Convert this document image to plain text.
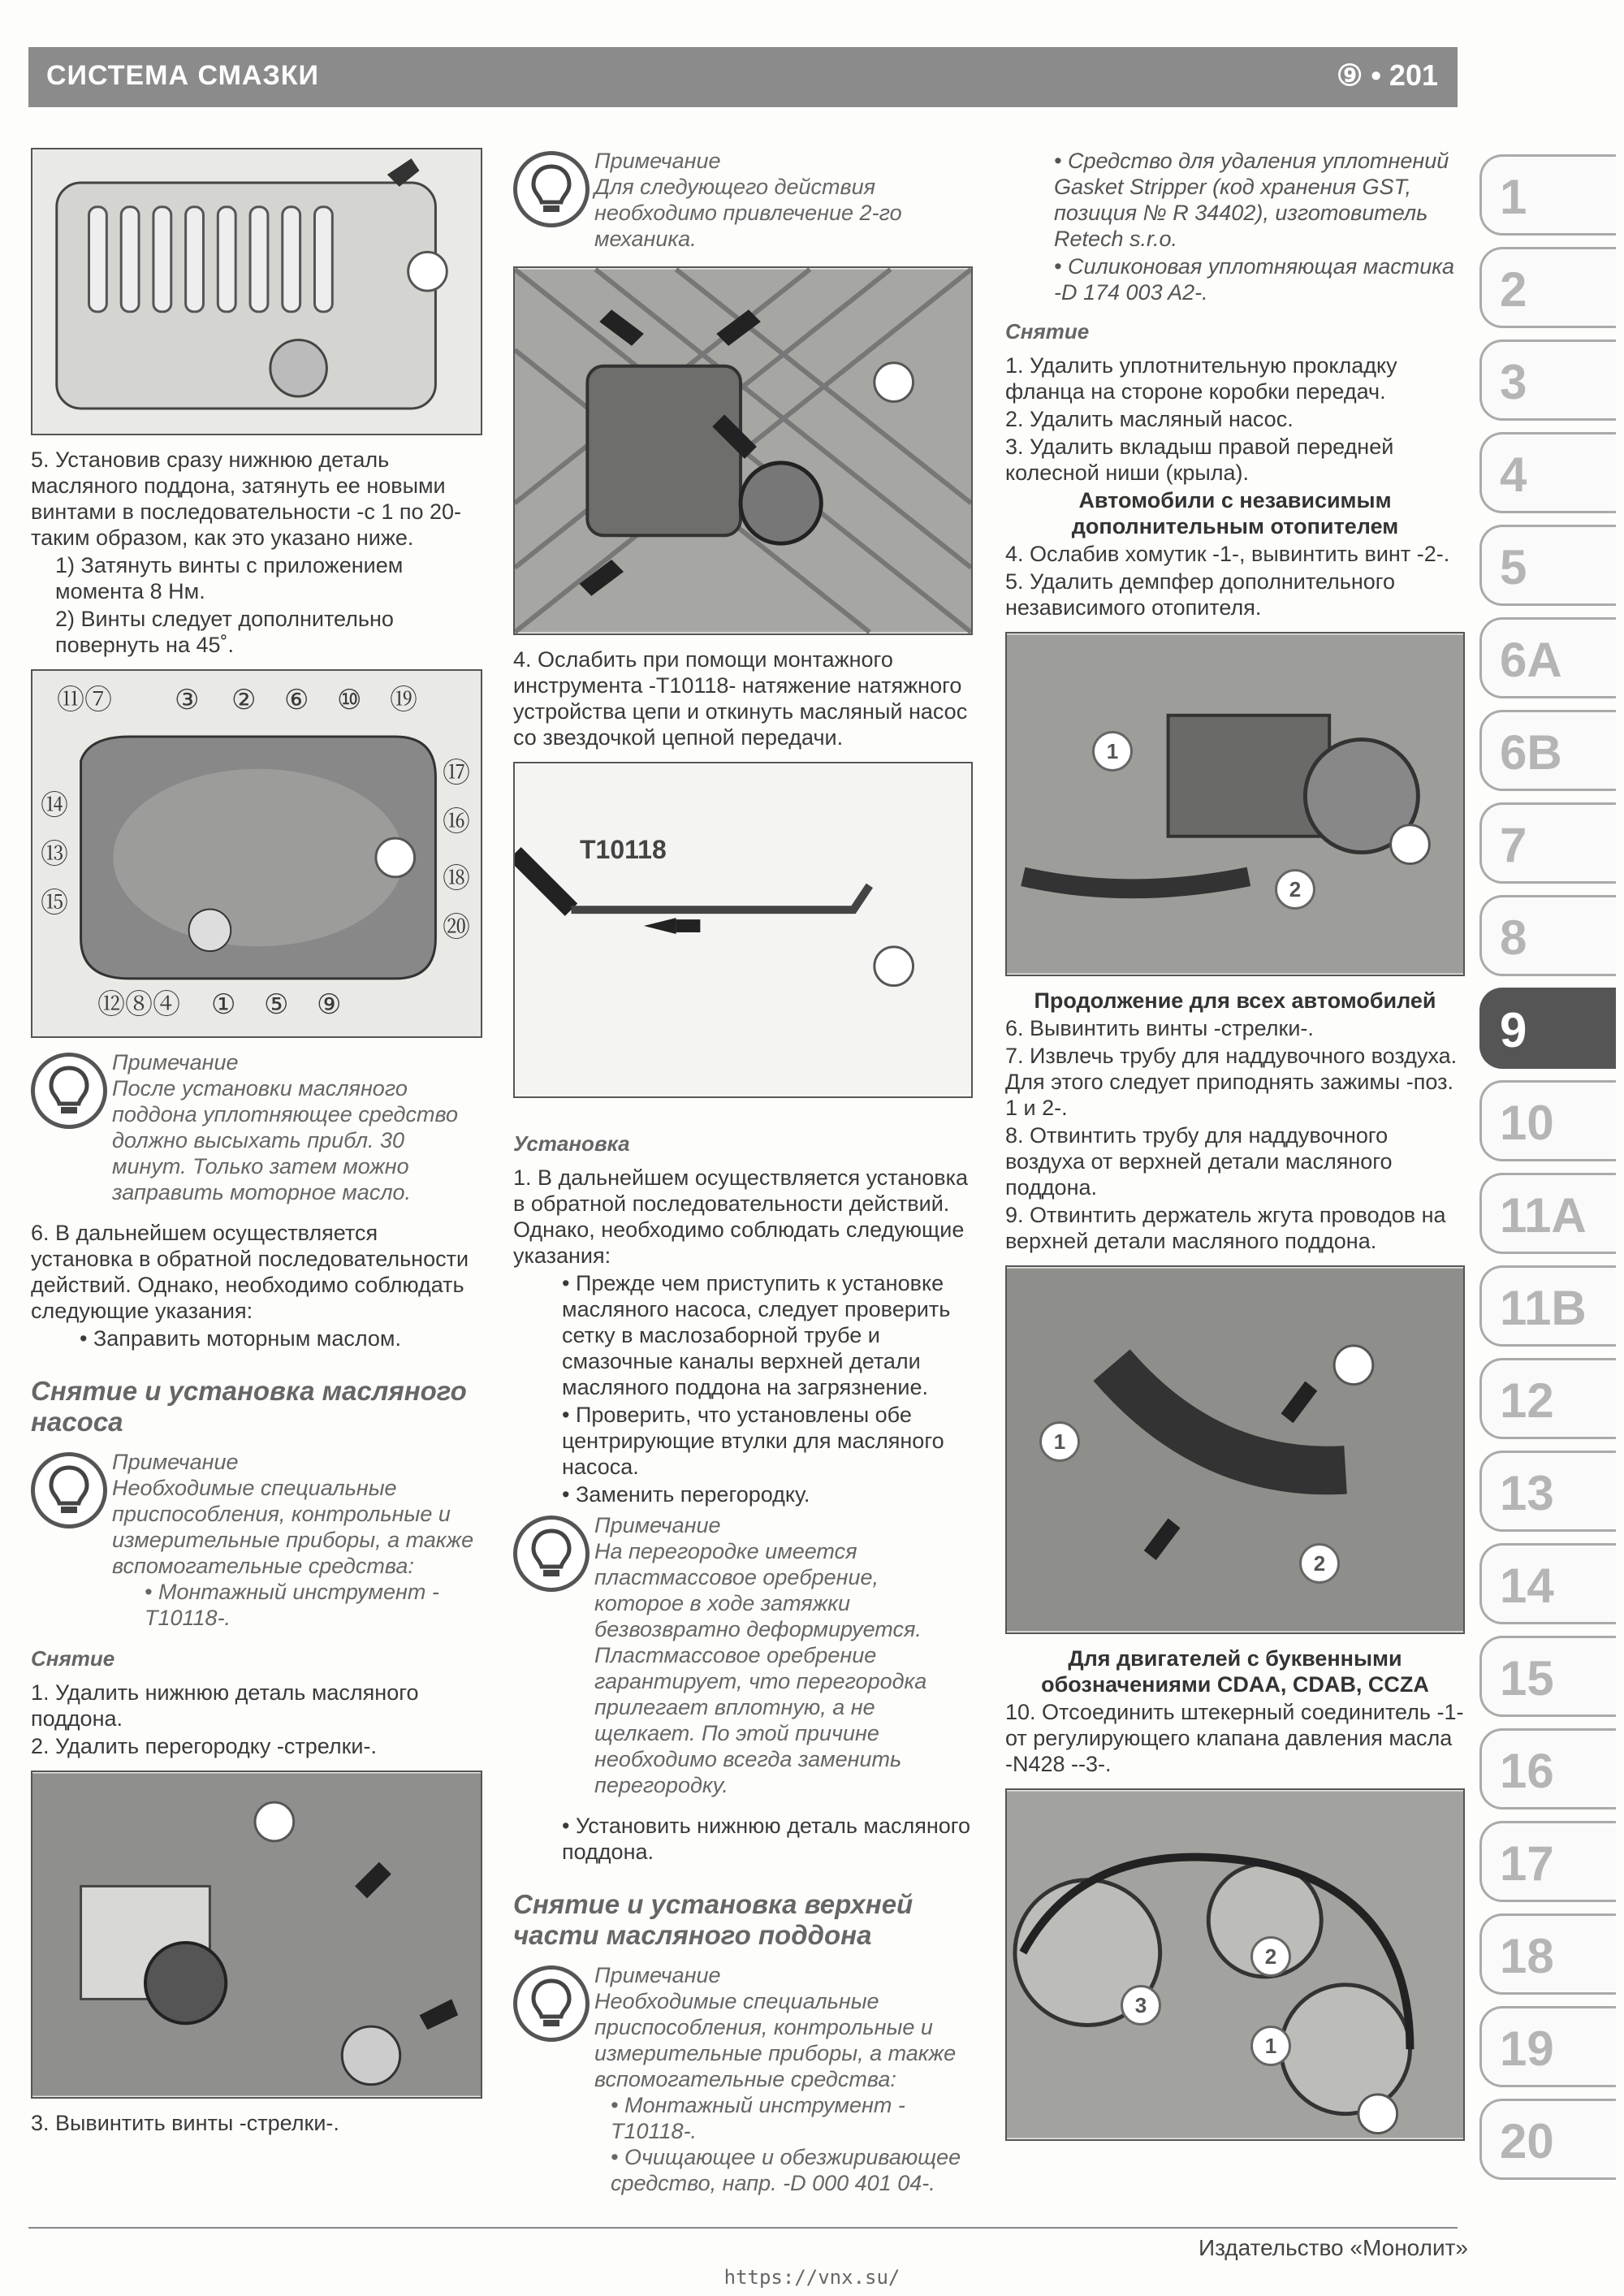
СИСТЕМА СМАЗКИ	⑨ • 201

5. Установив сразу нижнюю деталь масляного поддона, затянуть ее новыми винтами в последовательности -с 1 по 20- таким образом, как это указано ниже.

1) Затянуть винты с приложением момента 8 Нм.

2) Винты следует дополнительно повернуть на 45˚.

⑪⑦ ③ ② ⑥ ⑩ ⑲
⑭
⑬
⑮
⑰
⑯
⑱
⑳
⑫⑧④ ① ⑤ ⑨
Примечание
После установки масляного поддона уплотняющее средство должно высыхать прибл. 30 минут. Только затем можно заправить моторное масло.

6. В дальнейшем осуществляется установка в обратной последовательности действий. Однако, необходимо соблюдать следующие указания:

• Заправить моторным маслом.

Снятие и установка масляного насоса
Примечание
Необходимые специальные приспособления, контрольные и измерительные приборы, а также вспомогательные средства:
• Монтажный инструмент -T10118-.
Снятие

1. Удалить нижнюю деталь масляного поддона.

2. Удалить перегородку -стрелки-.

3. Вывинтить винты -стрелки-.

Примечание
Для следующего действия необходимо привлечение 2-го механика.

4. Ослабить при помощи монтажного инструмента -T10118- натяжение натяжного устройства цепи и откинуть масляный насос со звездочкой цепной передачи.

T10118
Установка

1. В дальнейшем осуществляется установка в обратной последовательности действий. Однако, необходимо соблюдать следующие указания:

• Прежде чем приступить к установке масляного насоса, следует проверить сетку в маслозаборной трубе и смазочные каналы верхней детали масляного поддона на загрязнение.

• Проверить, что установлены обе центрирующие втулки для масляного насоса.

• Заменить перегородку.

Примечание
На перегородке имеется пластмассовое оребрение, которое в ходе затяжки безвозвратно деформируется. Пластмассовое оребрение гарантирует, что перегородка прилегает вплотную, а не щелкает. По этой причине необходимо всегда заменить перегородку.

• Установить нижнюю деталь масляного поддона.

Снятие и установка верхней части масляного поддона
Примечание
Необходимые специальные приспособления, контрольные и измерительные приборы, а также вспомогательные средства:
• Монтажный инструмент -T10118-.
• Очищающее и обезжиривающее средство, напр. -D 000 401 04-.

• Средство для удаления уплотнений Gasket Stripper (код хранения GST, позиция № R 34402), изготовитель Retech s.r.o.

• Силиконовая уплотняющая мастика -D 174 003 A2-.

Снятие

1. Удалить уплотнительную прокладку фланца на стороне коробки передач.

2. Удалить масляный насос.

3. Удалить вкладыш правой передней колесной ниши (крыла).

Автомобили с независимым дополнительным отопителем

4. Ослабив хомутик -1-, вывинтить винт -2-.

5. Удалить демпфер дополнительного независимого отопителя.

1
2

Продолжение для всех автомобилей

6. Вывинтить винты -стрелки-.

7. Извлечь трубу для наддувочного воздуха. Для этого следует приподнять зажимы -поз. 1 и 2-.

8. Отвинтить трубу для наддувочного воздуха от верхней детали масляного поддона.

9. Отвинтить держатель жгута проводов на верхней детали масляного поддона.

1
2

Для двигателей с буквенными обозначениями CDAA, CDAB, CCZA

10. Отсоединить штекерный соединитель -1- от регулирующего клапана давления масла -N428 --3-.

1
2
3
1
2
3
4
5
6A
6B
7
8
9
10
11A
11B
12
13
14
15
16
17
18
19
20
Издательство «Монолит»
https://vnx.su/
